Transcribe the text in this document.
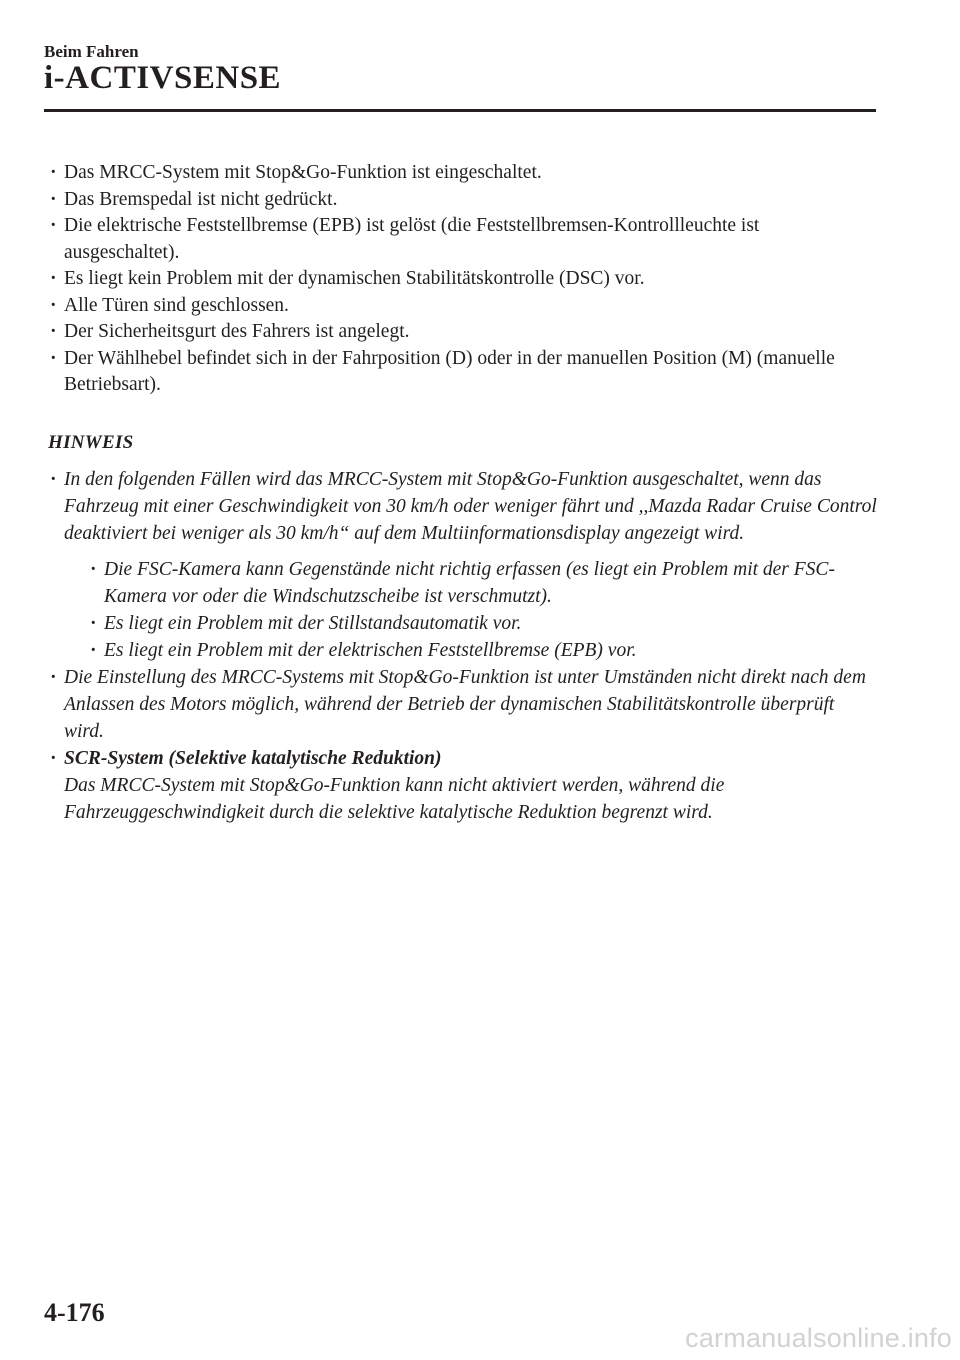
Beim Fahren
i-ACTIVSENSE
· Das MRCC-System mit Stop&Go-Funktion ist eingeschaltet.
· Das Bremspedal ist nicht gedrückt.
· Die elektrische Feststellbremse (EPB) ist gelöst (die Feststellbremsen-Kontrollleuchte ist ausgeschaltet).
· Es liegt kein Problem mit der dynamischen Stabilitätskontrolle (DSC) vor.
· Alle Türen sind geschlossen.
· Der Sicherheitsgurt des Fahrers ist angelegt.
· Der Wählhebel befindet sich in der Fahrposition (D) oder in der manuellen Position (M) (manuelle Betriebsart).
HINWEIS
· In den folgenden Fällen wird das MRCC-System mit Stop&Go-Funktion ausgeschaltet, wenn das Fahrzeug mit einer Geschwindigkeit von 30 km/h oder weniger fährt und ,,Mazda Radar Cruise Control deaktiviert bei weniger als 30 km/h“ auf dem Multiinformationsdisplay angezeigt wird.
· Die FSC-Kamera kann Gegenstände nicht richtig erfassen (es liegt ein Problem mit der FSC-Kamera vor oder die Windschutzscheibe ist verschmutzt).
· Es liegt ein Problem mit der Stillstandsautomatik vor.
· Es liegt ein Problem mit der elektrischen Feststellbremse (EPB) vor.
· Die Einstellung des MRCC-Systems mit Stop&Go-Funktion ist unter Umständen nicht direkt nach dem Anlassen des Motors möglich, während der Betrieb der dynamischen Stabilitätskontrolle überprüft wird.
· SCR-System (Selektive katalytische Reduktion)
Das MRCC-System mit Stop&Go-Funktion kann nicht aktiviert werden, während die Fahrzeuggeschwindigkeit durch die selektive katalytische Reduktion begrenzt wird.
4-176
carmanualsonline.info
